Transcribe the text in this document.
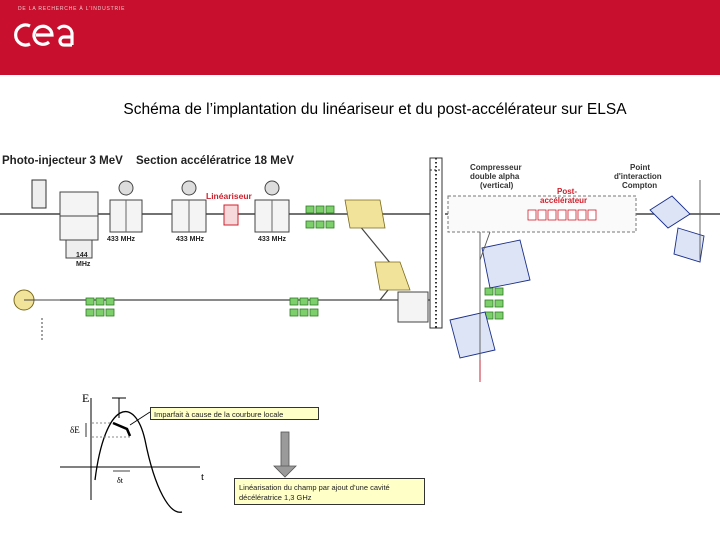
DE LA RECHERCHE À L'INDUSTRIE
Schéma de l’implantation du linéariseur et du post-accélérateur sur ELSA
Photo-injecteur 3 MeV Section accélératrice 18 MeV
Linéariseur
Compresseur
double alpha
(vertical)
Post-
accélérateur
Point
d'interaction
Compton
433 MHz	433 MHz	433 MHz
144
MHz
E
δE
δt	t
Imparfait à cause de la courbure locale
Linéarisation du champ par ajout d'une cavité décélératrice 1,3 GHz
